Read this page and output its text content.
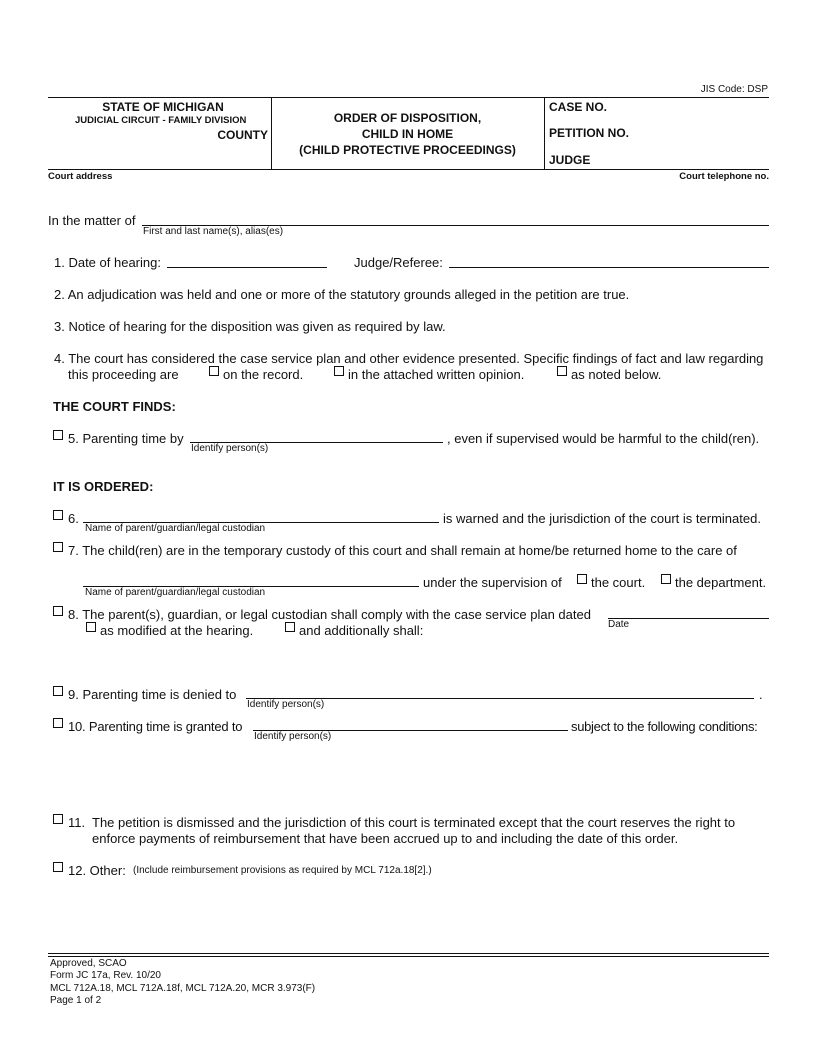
JIS Code: DSP
STATE OF MICHIGAN
JUDICIAL CIRCUIT - FAMILY DIVISION
COUNTY
ORDER OF DISPOSITION,
CHILD IN HOME
(CHILD PROTECTIVE PROCEEDINGS)
CASE NO.
PETITION NO.
JUDGE
Court address	Court telephone no.
In the matter of
First and last name(s), alias(es)
1. Date of hearing:	Judge/Referee:
2. An adjudication was held and one or more of the statutory grounds alleged in the petition are true.
3. Notice of hearing for the disposition was given as required by law.
4. The court has considered the case service plan and other evidence presented. Specific findings of fact and law regarding
this proceeding are	on the record.	in the attached written opinion.	as noted below.
THE COURT FINDS:
5. Parenting time by
Identify person(s)
, even if supervised would be harmful to the child(ren).
IT IS ORDERED:
6.
Name of parent/guardian/legal custodian
is warned and the jurisdiction of the court is terminated.
7. The child(ren) are in the temporary custody of this court and shall remain at home/be returned home to the care of
Name of parent/guardian/legal custodian
under the supervision of the court. the department.
8. The parent(s), guardian, or legal custodian shall comply with the case service plan dated
Date
as modified at the hearing.	and additionally shall:
9. Parenting time is denied to	.
Identify person(s)
10. Parenting time is granted to
Identify person(s)
subject to the following conditions:
11. The petition is dismissed and the jurisdiction of this court is terminated except that the court reserves the right to
enforce payments of reimbursement that have been accrued up to and including the date of this order.
12. Other: (Include reimbursement provisions as required by MCL 712a.18[2].)
Approved, SCAO
Form JC 17a, Rev. 10/20
MCL 712A.18, MCL 712A.18f, MCL 712A.20, MCR 3.973(F)
Page 1 of 2
